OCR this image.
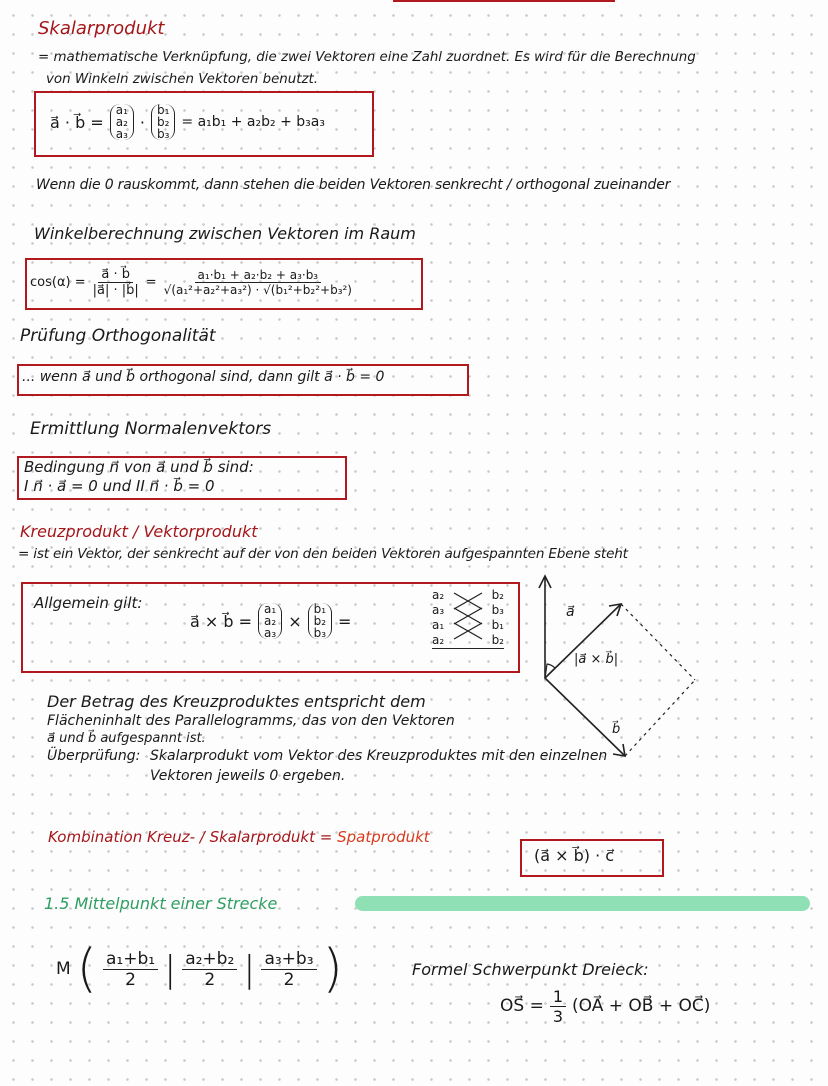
Skalarprodukt
= mathematische Verknüpfung, die zwei Vektoren eine Zahl zuordnet. Es wird für die Berechnung
von Winkeln zwischen Vektoren benutzt.
a⃗ · b⃗ =
a₁
a₂
a₃
·
b₁
b₂
b₃
= a₁b₁ + a₂b₂ + b₃a₃
Wenn die 0 rauskommt, dann stehen die beiden Vektoren senkrecht / orthogonal zueinander
Winkelberechnung zwischen Vektoren im Raum
$\cos(\alpha) = \frac{a⃗ \cdot b⃗}{|a⃗| \cdot |b⃗|} = \frac{\text{a₁·b₁ + a₂·b₂ + a₃·b₃}}{\text{√(a₁²+a₂²+a₃²) · √(b₁²+b₂²+b₃²)}}$
Prüfung Orthogonalität
... wenn a⃗ und b⃗ orthogonal sind, dann gilt a⃗ · b⃗ = 0
Ermittlung Normalenvektors
Bedingung n⃗ von a⃗ und b⃗ sind:
I n⃗ · a⃗ = 0 und II n⃗ · b⃗ = 0
Kreuzprodukt / Vektorprodukt
= ist ein Vektor, der senkrecht auf der von den beiden Vektoren aufgespannten Ebene steht
Allgemein gilt:
a⃗ × b⃗ =
a₁
a₂
a₃
×
b₁
b₂
b₃
=
a₂	b₂
a₃	b₃
a₁	b₁
a₂	b₂
a⃗
|a⃗ × b⃗|
b⃗
Der Betrag des Kreuzproduktes entspricht dem
Flächeninhalt des Parallelogramms, das von den Vektoren
a⃗ und b⃗ aufgespannt ist.
Überprüfung: Skalarprodukt vom Vektor des Kreuzproduktes mit den einzelnen
Vektoren jeweils 0 ergeben.
Kombination Kreuz- / Skalarprodukt = Spatprodukt
(a⃗ × b⃗) · c⃗
1.5 Mittelpunkt einer Strecke
M ( $\frac{\text{a₁+b₁}}{2}$ | $\frac{\text{a₂+b₂}}{2}$ | $\frac{\text{a₃+b₃}}{2}$ )	Formel Schwerpunkt Dreieck:
OS⃗ = $\frac{1}{3}$ (OA⃗ + OB⃗ + OC⃗)
